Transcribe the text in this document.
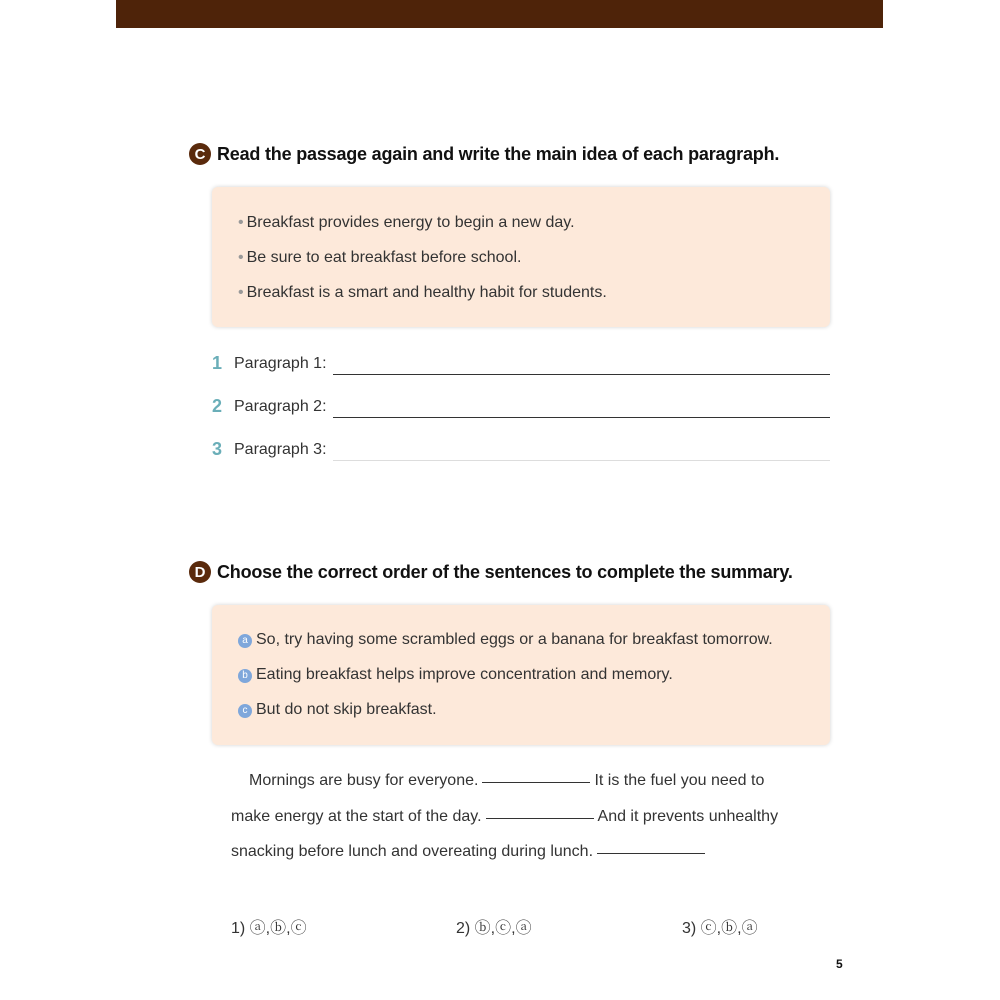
C Read the passage again and write the main idea of each paragraph.
• Breakfast provides energy to begin a new day.
• Be sure to eat breakfast before school.
• Breakfast is a smart and healthy habit for students.
1 Paragraph 1:
2 Paragraph 2:
3 Paragraph 3:
D Choose the correct order of the sentences to complete the summary.
a So, try having some scrambled eggs or a banana for breakfast tomorrow.
b Eating breakfast helps improve concentration and memory.
c But do not skip breakfast.
Mornings are busy for everyone.	It is the fuel you need to
make energy at the start of the day.	And it prevents unhealthy
snacking before lunch and overeating during lunch.
1) ⓐ,ⓑ,ⓒ	2) ⓑ,ⓒ,ⓐ	3) ⓒ,ⓑ,ⓐ
5
